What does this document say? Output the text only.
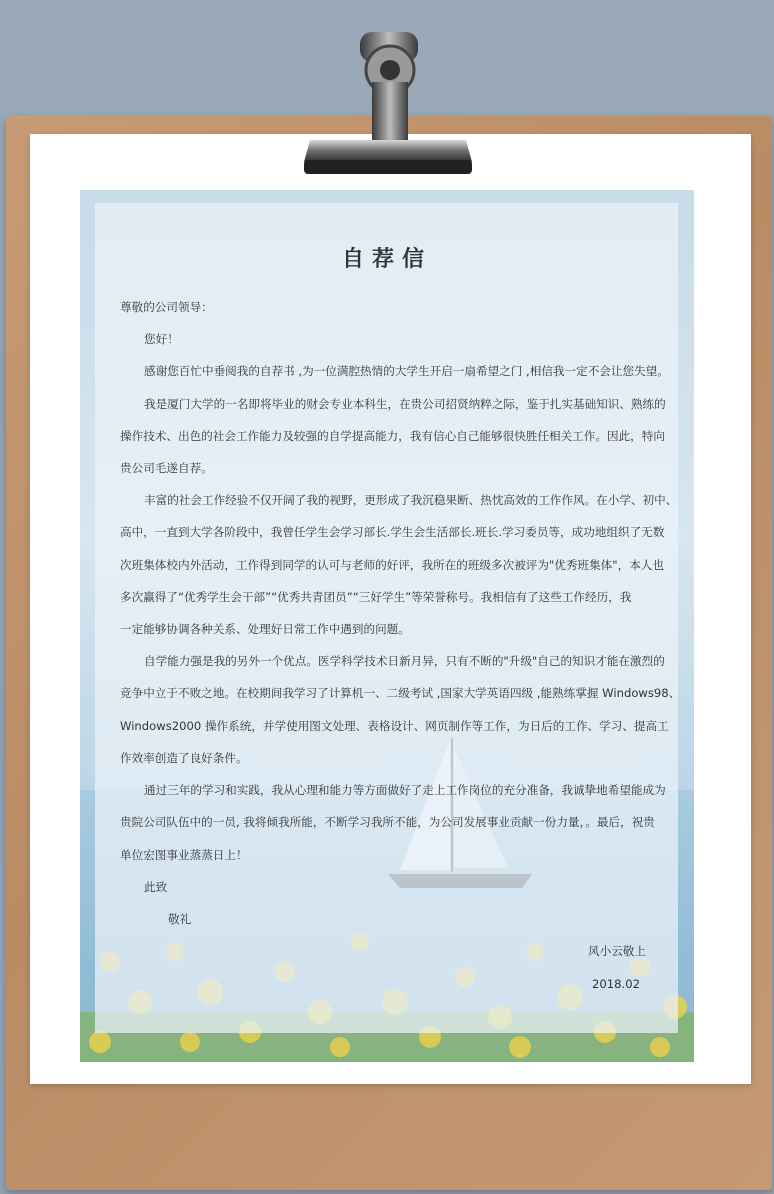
自荐信
尊敬的公司领导：
您好！
感谢您百忙中垂阅我的自荐书 ,为一位满腔热情的大学生开启一扇希望之门 ,相信我一定不会让您失望。
我是厦门大学的一名即将毕业的财会专业本科生，在贵公司招贤纳粹之际，鉴于扎实基础知识、熟练的
操作技术、出色的社会工作能力及较强的自学提高能力，我有信心自己能够很快胜任相关工作。因此，特向
贵公司毛遂自荐。
丰富的社会工作经验不仅开阔了我的视野，更形成了我沉稳果断、热忱高效的工作作风。在小学、初中、
高中，一直到大学各阶段中，我曾任学生会学习部长.学生会生活部长.班长.学习委员等，成功地组织了无数
次班集体校内外活动，工作得到同学的认可与老师的好评，我所在的班级多次被评为"优秀班集体"，本人也
多次赢得了“优秀学生会干部”“优秀共青团员”“三好学生”等荣誉称号。我相信有了这些工作经历，我
一定能够协调各种关系、处理好日常工作中遇到的问题。
自学能力强是我的另外一个优点。医学科学技术日新月异，只有不断的"升级"自己的知识才能在激烈的
竞争中立于不败之地。在校期间我学习了计算机一、二级考试 ,国家大学英语四级 ,能熟练掌握 Windows98、
Windows2000 操作系统，并学使用图文处理、表格设计、网页制作等工作，为日后的工作、学习、提高工
作效率创造了良好条件。
通过三年的学习和实践，我从心理和能力等方面做好了走上工作岗位的充分准备，我诚挚地希望能成为
贵院公司队伍中的一员, 我将倾我所能，不断学习我所不能，为公司发展事业贡献一份力量，。最后，祝贵
单位宏图事业蒸蒸日上！
此致
敬礼
风小云敬上
2018.02
